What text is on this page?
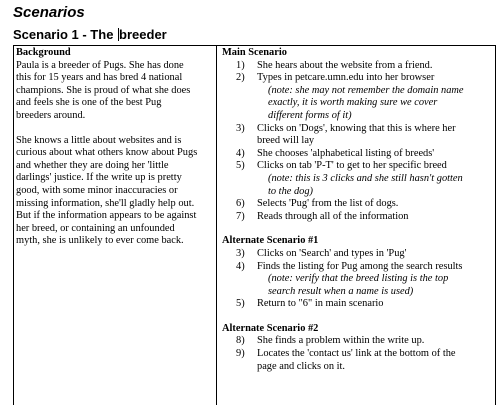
Scenarios
Scenario 1 - The breeder
Background
Paula is a breeder of Pugs. She has done
this for 15 years and has bred 4 national
champions. She is proud of what she does
and feels she is one of the best Pug
breeders around.
She knows a little about websites and is
curious about what others know about Pugs
and whether they are doing her 'little
darlings' justice. If the write up is pretty
good, with some minor inaccuracies or
missing information, she'll gladly help out.
But if the information appears to be against
her breed, or containing an unfounded
myth, she is unlikely to ever come back.
Main Scenario
1) She hears about the website from a friend.
2) Types in petcare.umn.edu into her browser
(note: she may not remember the domain name
exactly, it is worth making sure we cover
different forms of it)
3) Clicks on 'Dogs', knowing that this is where her
breed will lay
4) She chooses 'alphabetical listing of breeds'
5) Clicks on tab 'P-T' to get to her specific breed
(note: this is 3 clicks and she still hasn't gotten
to the dog)
6) Selects 'Pug' from the list of dogs.
7) Reads through all of the information
Alternate Scenario #1
3) Clicks on 'Search' and types in 'Pug'
4) Finds the listing for Pug among the search results
(note: verify that the breed listing is the top
search result when a name is used)
5) Return to "6" in main scenario
Alternate Scenario #2
8) She finds a problem within the write up.
9) Locates the 'contact us' link at the bottom of the
page and clicks on it.
